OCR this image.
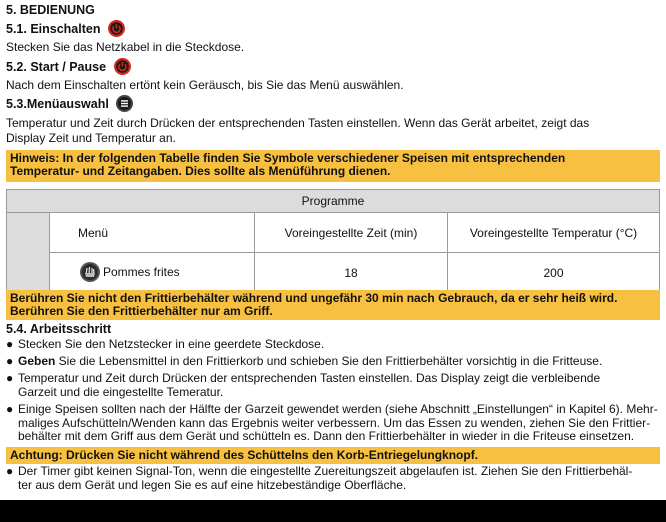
5. BEDIENUNG
5.1. Einschalten
Stecken Sie das Netzkabel in die Steckdose.
5.2. Start / Pause
Nach dem Einschalten ertönt kein Geräusch, bis Sie das Menü auswählen.
5.3.Menüauswahl
Temperatur und Zeit durch Drücken der entsprechenden Tasten einstellen. Wenn das Gerät arbeitet, zeigt das
Display Zeit und Temperatur an.
Hinweis: In der folgenden Tabelle finden Sie Symbole verschiedener Speisen mit entsprechenden
Temperatur- und Zeitangaben. Dies sollte als Menüführung dienen.
Programme			
	Menü	Voreingestellte Zeit (min)	Voreingestellte Temperatur (°C)

Pommes frites	18	200
Berühren Sie nicht den Frittierbehälter während und ungefähr 30 min nach Gebrauch, da er sehr heiß wird.
Berühren Sie den Frittierbehälter nur am Griff.
5.4. Arbeitsschritt
● Stecken Sie den Netzstecker in eine geerdete Steckdose.
● Geben Sie die Lebensmittel in den Frittierkorb und schieben Sie den Frittierbehälter vorsichtig in die Fritteuse.
● Temperatur und Zeit durch Drücken der entsprechenden Tasten einstellen. Das Display zeigt die verbleibende
Garzeit und die eingestellte Temeratur.
● Einige Speisen sollten nach der Hälfte der Garzeit gewendet werden (siehe Abschnitt „Einstellungen“ in Kapitel 6). Mehr-
maliges Aufschütteln/Wenden kann das Ergebnis weiter verbessern. Um das Essen zu wenden, ziehen Sie den Frittier-
behälter mit dem Griff aus dem Gerät und schütteln es. Dann den Frittierbehälter in wieder in die Friteuse einsetzen.
Achtung: Drücken Sie nicht während des Schüttelns den Korb-Entriegelungknopf.
● Der Timer gibt keinen Signal-Ton, wenn die eingestellte Zuereitungszeit abgelaufen ist. Ziehen Sie den Frittierbehäl-
ter aus dem Gerät und legen Sie es auf eine hitzebeständige Oberfläche.
